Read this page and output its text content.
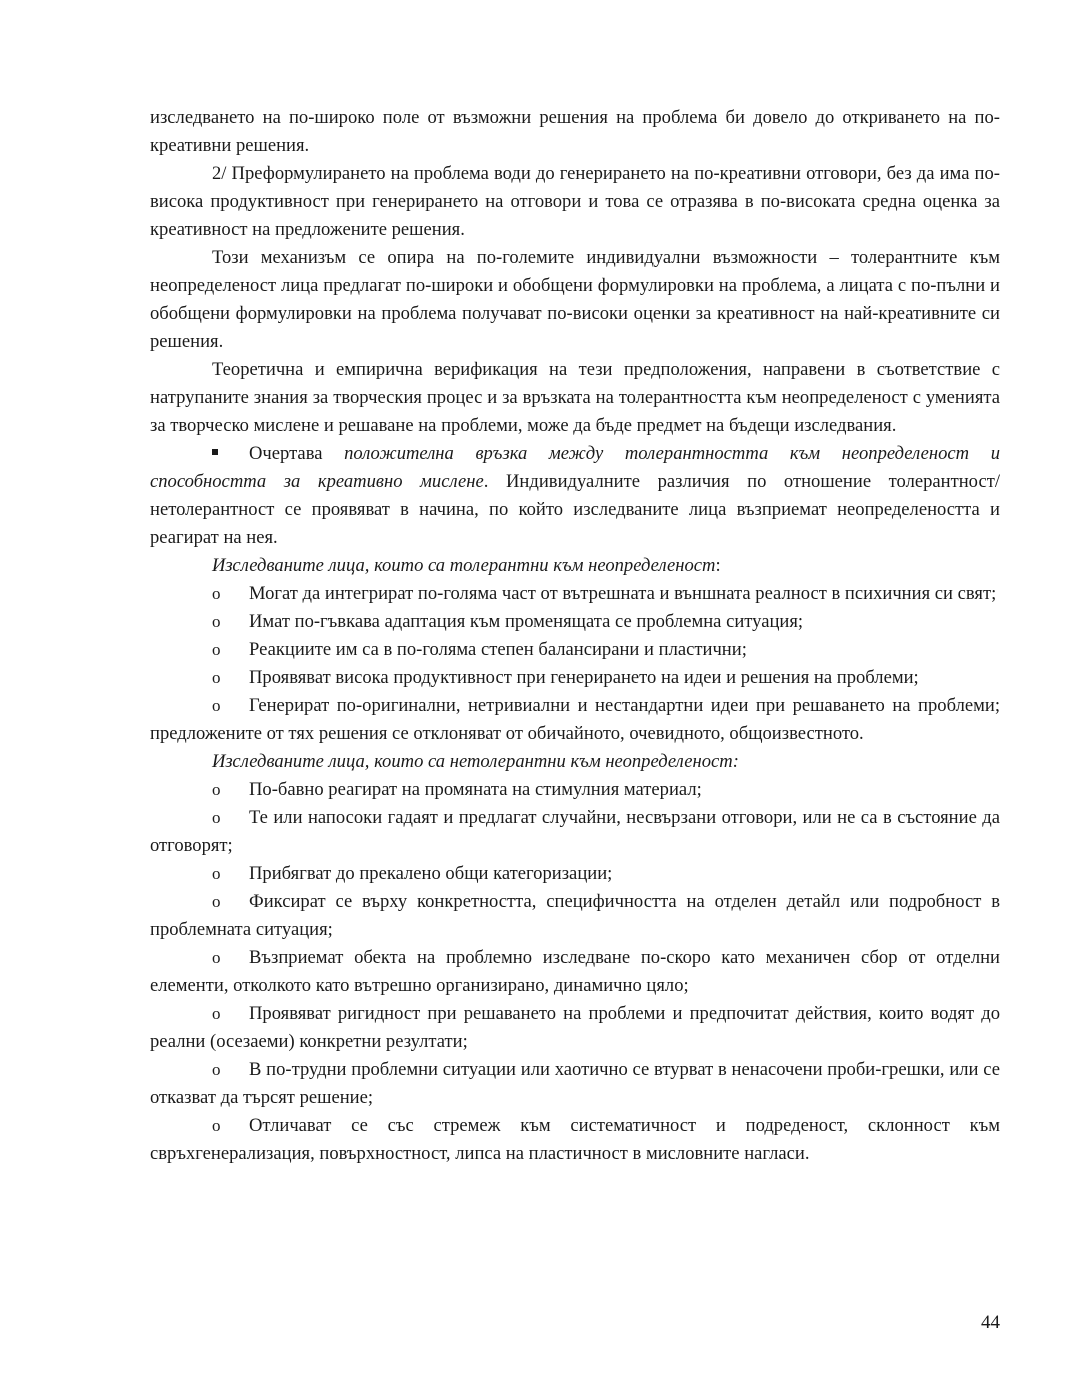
изследването на по-широко поле от възможни решения на проблема би довело до откриването на по-креативни решения.

2/ Преформулирането на проблема води до генерирането на по-креативни отговори, без да има по-висока продуктивност при генерирането на отговори и това се отразява в по-високата средна оценка за креативност на предложените решения.

Този механизъм се опира на по-големите индивидуални възможности – толерантните към неопределеност лица предлагат по-широки и обобщени формулировки на проблема, а лицата с по-пълни и обобщени формулировки на проблема получават по-високи оценки за креативност на най-креативните си решения.

Теоретична и емпирична верификация на тези предположения, направени в съответствие с натрупаните знания за творческия процес и за връзката на толерантността към неопределеност с уменията за творческо мислене и решаване на проблеми, може да бъде предмет на бъдещи изследвания.

Очертава положителна връзка между толерантността към неопределеност и способността за креативно мислене. Индивидуалните различия по отношение толерантност/нетолерантност се проявяват в начина, по който изследваните лица възприемат неопределеността и реагират на нея.

Изследваните лица, които са толерантни към неопределеност:

o Могат да интегрират по-голяма част от вътрешната и външната реалност в психичния си свят;

o Имат по-гъвкава адаптация към променящата се проблемна ситуация;

o Реакциите им са в по-голяма степен балансирани и пластични;

o Проявяват висока продуктивност при генерирането на идеи и решения на проблеми;

o Генерират по-оригинални, нетривиални и нестандартни идеи при решаването на проблеми; предложените от тях решения се отклоняват от обичайното, очевидното, общоизвестното.

Изследваните лица, които са нетолерантни към неопределеност:

o По-бавно реагират на промяната на стимулния материал;

o Те или напосоки гадаят и предлагат случайни, несвързани отговори, или не са в състояние да отговорят;

o Прибягват до прекалено общи категоризации;

o Фиксират се върху конкретността, специфичността на отделен детайл или подробност в проблемната ситуация;

o Възприемат обекта на проблемно изследване по-скоро като механичен сбор от отделни елементи, отколкото като вътрешно организирано, динамично цяло;

o Проявяват ригидност при решаването на проблеми и предпочитат действия, които водят до реални (осезаеми) конкретни резултати;

o В по-трудни проблемни ситуации или хаотично се втурват в ненасочени проби-грешки, или се отказват да търсят решение;

o Отличават се със стремеж към систематичност и подреденост, склонност към свръхгенерализация, повърхностност, липса на пластичност в мисловните нагласи.

44
